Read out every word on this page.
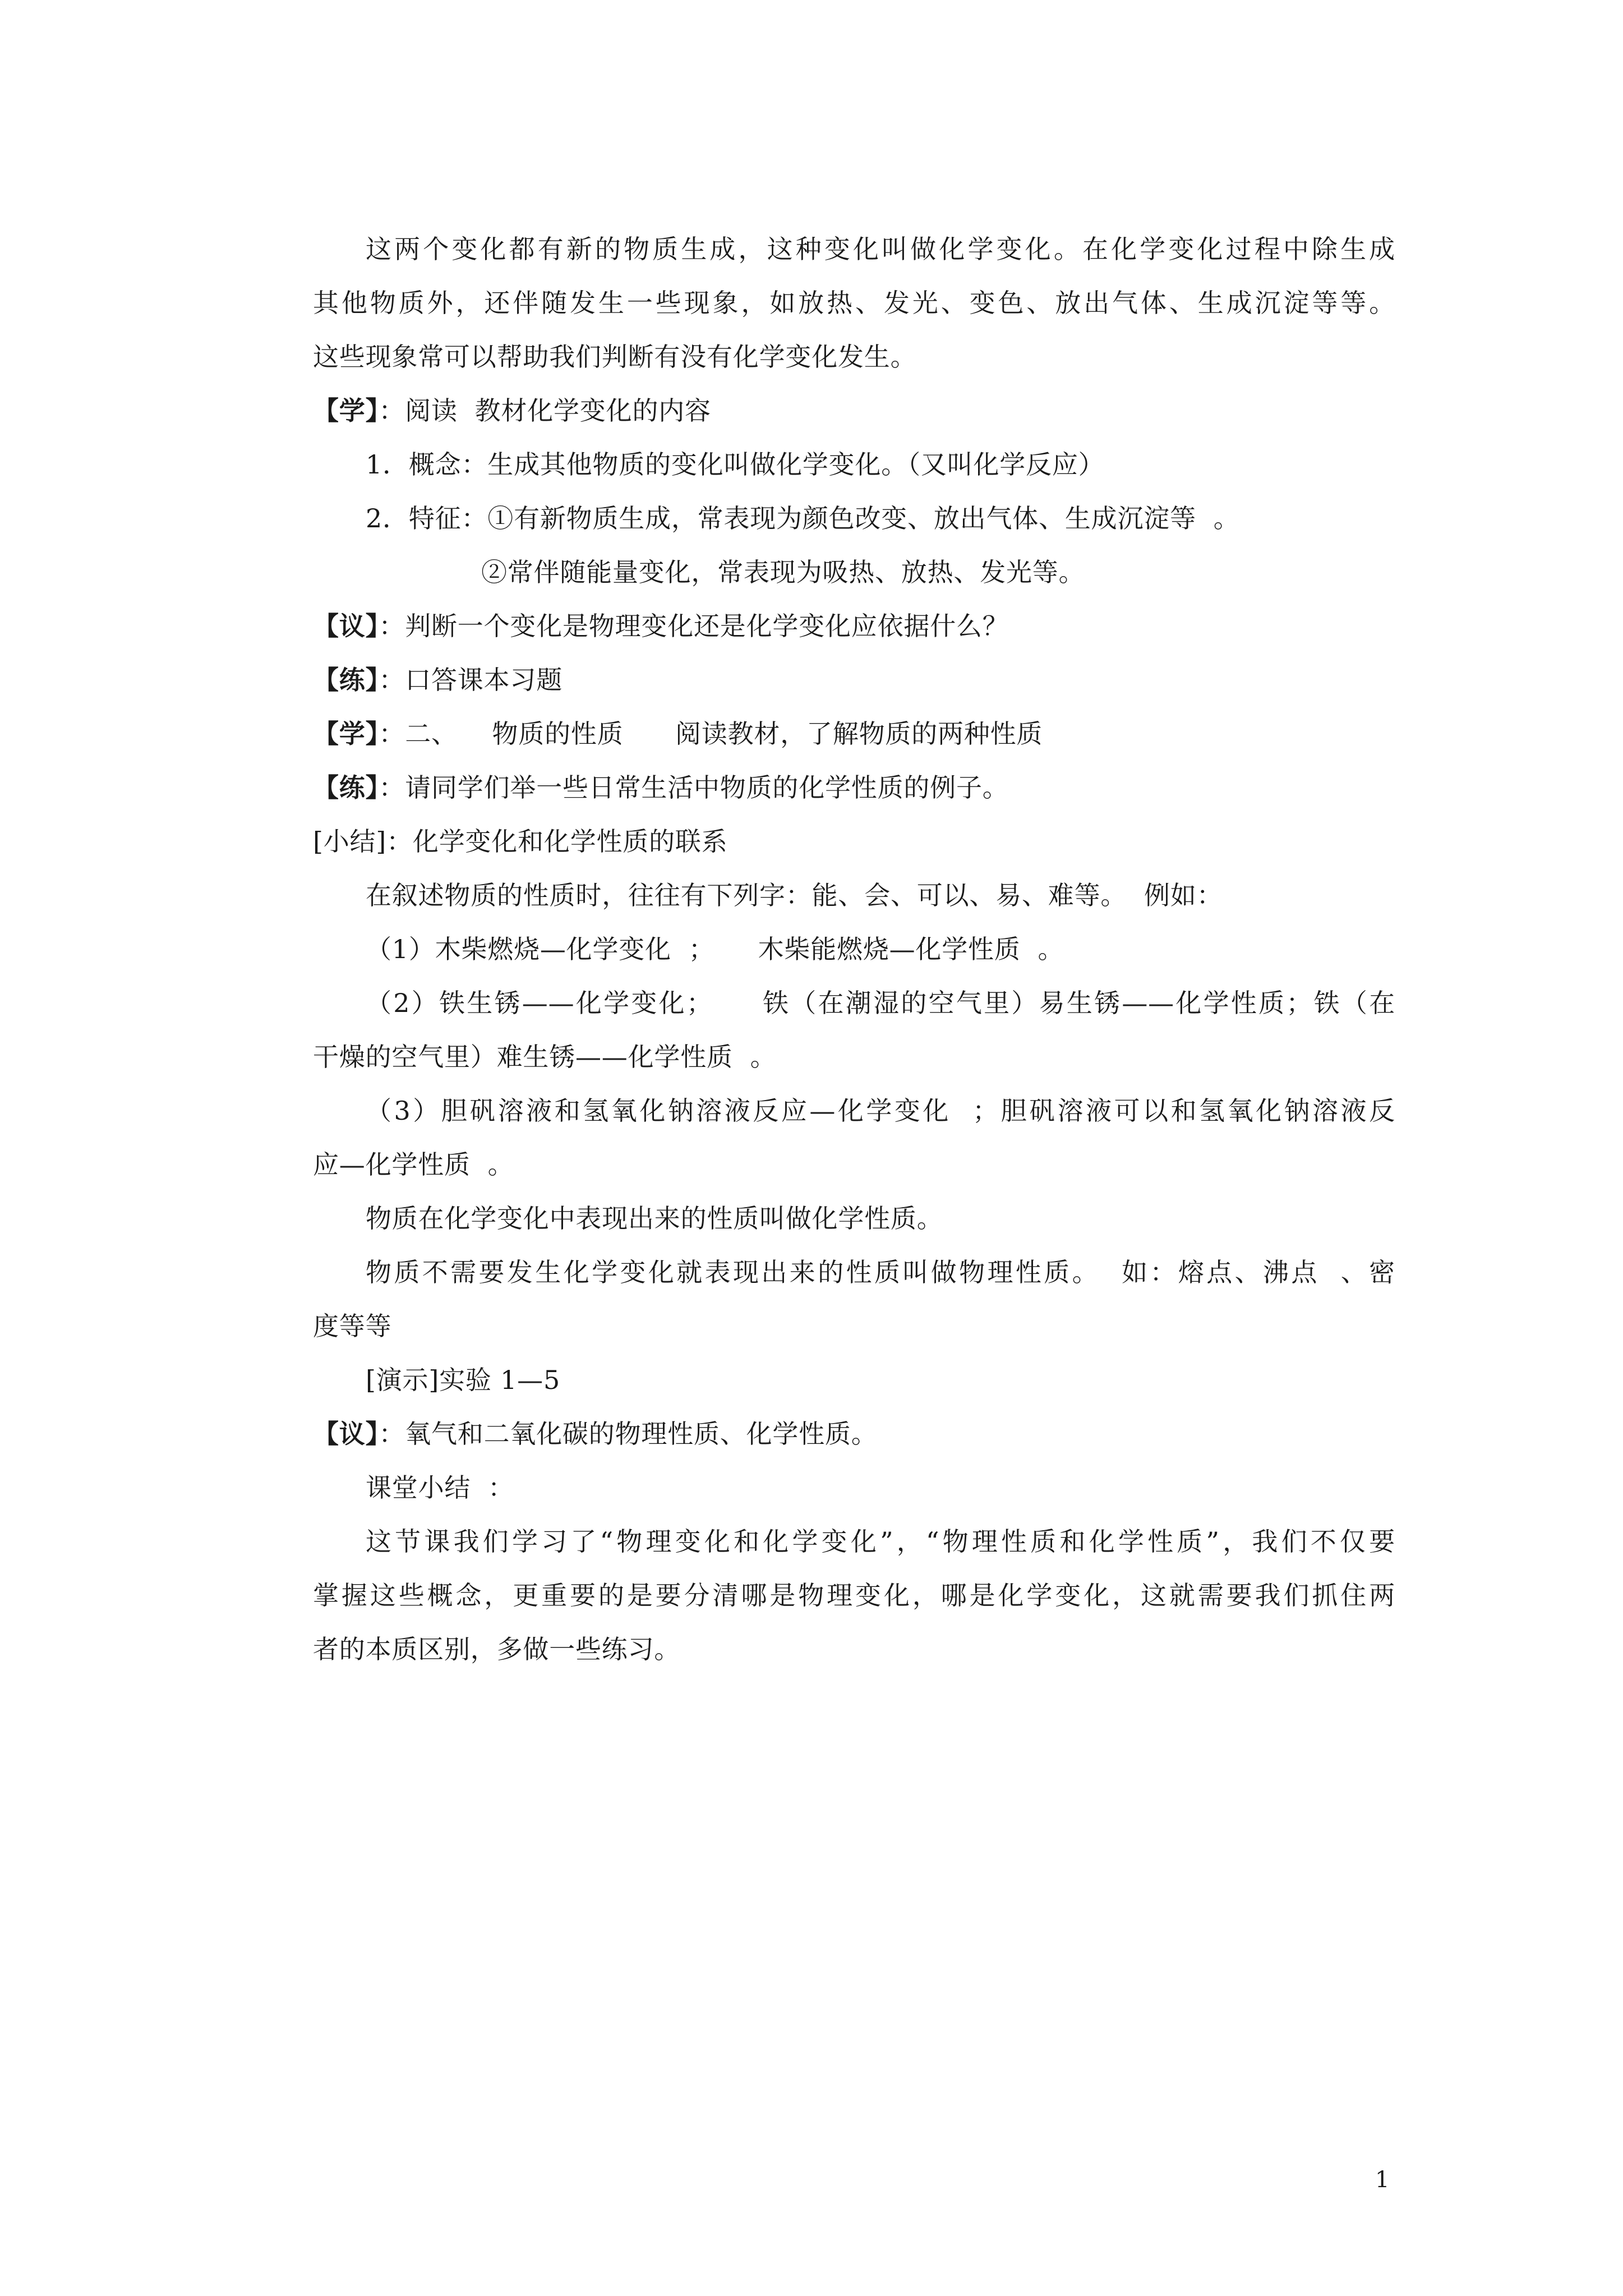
这两个变化都有新的物质生成，这种变化叫做化学变化。在化学变化过程中除生成
其他物质外，还伴随发生一些现象，如放热、发光、变色、放出气体、生成沉淀等等。
这些现象常可以帮助我们判断有没有化学变化发生。
【学】：阅读  教材化学变化的内容
1．概念：生成其他物质的变化叫做化学变化。（又叫化学反应）
2．特征：①有新物质生成，常表现为颜色改变、放出气体、生成沉淀等  。
②常伴随能量变化，常表现为吸热、放热、发光等。
【议】：判断一个变化是物理变化还是化学变化应依据什么？
【练】：口答课本习题
【学】：二、    物质的性质      阅读教材，了解物质的两种性质
【练】：请同学们举一些日常生活中物质的化学性质的例子。
[小结]：化学变化和化学性质的联系
在叙述物质的性质时，往往有下列字：能、会、可以、易、难等。  例如：
（1）木柴燃烧—化学变化  ；     木柴能燃烧—化学性质  。
（2）铁生锈——化学变化；     铁（在潮湿的空气里）易生锈——化学性质；铁（在
干燥的空气里）难生锈——化学性质  。
（3）胆矾溶液和氢氧化钠溶液反应—化学变化  ；胆矾溶液可以和氢氧化钠溶液反
应—化学性质  。
物质在化学变化中表现出来的性质叫做化学性质。
物质不需要发生化学变化就表现出来的性质叫做物理性质。  如：熔点、沸点  、密
度等等
[演示]实验 1—5
【议】：氧气和二氧化碳的物理性质、化学性质。
课堂小结  ：
这节课我们学习了“物理变化和化学变化”，“物理性质和化学性质”，我们不仅要
掌握这些概念，更重要的是要分清哪是物理变化，哪是化学变化，这就需要我们抓住两
者的本质区别，多做一些练习。
1
